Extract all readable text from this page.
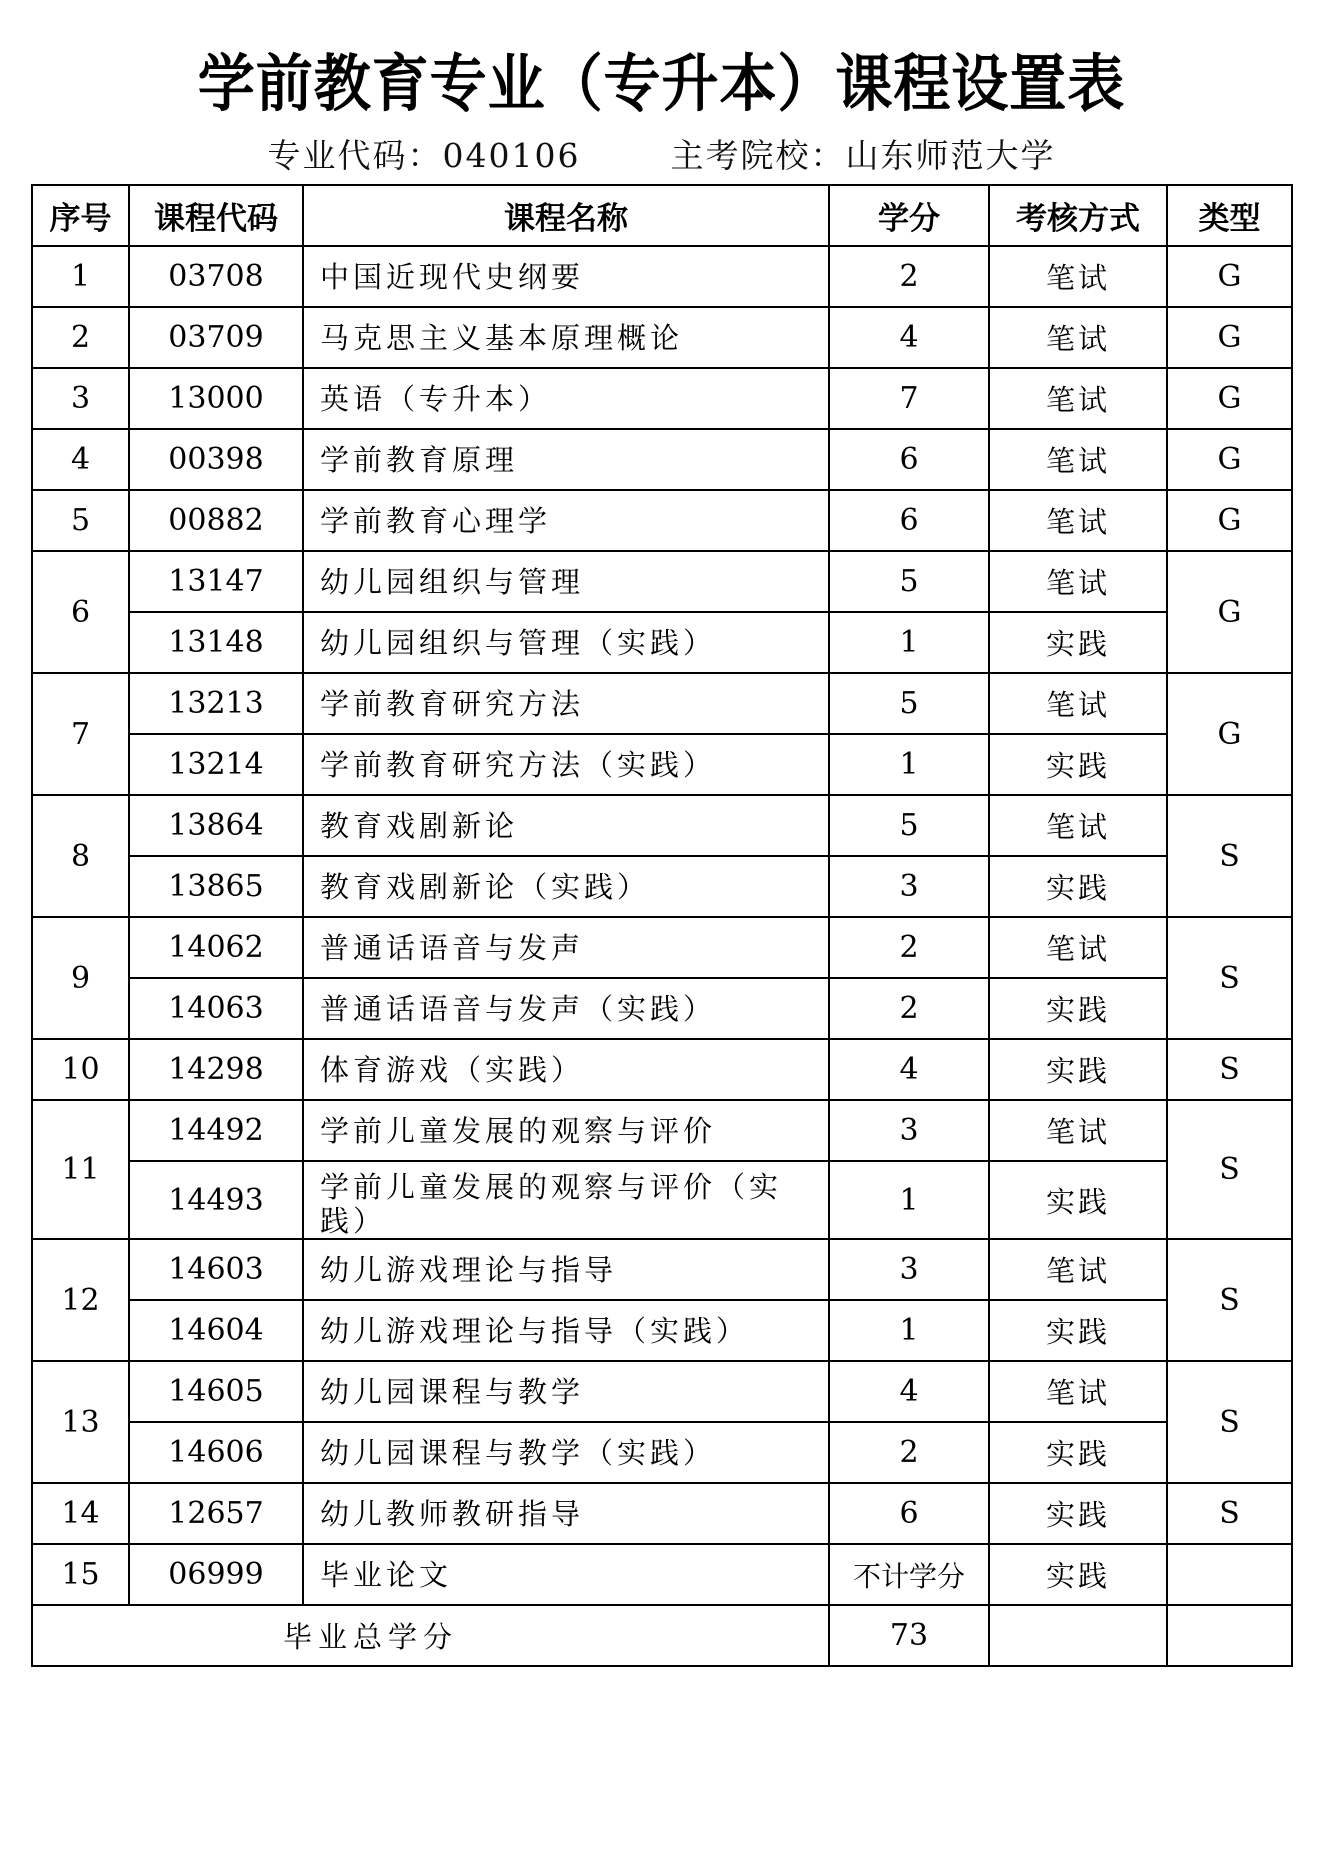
学前教育专业（专升本）课程设置表
专业代码：040106	主考院校：山东师范大学
序号	课程代码	课程名称	学分	考核方式	类型
1	03708	中国近现代史纲要	2	笔试	G
2	03709	马克思主义基本原理概论	4	笔试	G
3	13000	英语（专升本）	7	笔试	G
4	00398	学前教育原理	6	笔试	G
5	00882	学前教育心理学	6	笔试	G
6	13147	幼儿园组织与管理	5	笔试	G
	13148	幼儿园组织与管理（实践）	1	实践	
7	13213	学前教育研究方法	5	笔试	G
	13214	学前教育研究方法（实践）	1	实践	
8	13864	教育戏剧新论	5	笔试	S
	13865	教育戏剧新论（实践）	3	实践	
9	14062	普通话语音与发声	2	笔试	S
	14063	普通话语音与发声（实践）	2	实践	
10	14298	体育游戏（实践）	4	实践	S
11	14492	学前儿童发展的观察与评价	3	笔试	S
	14493	学前儿童发展的观察与评价（实践）	1	实践	
12	14603	幼儿游戏理论与指导	3	笔试	S
	14604	幼儿游戏理论与指导（实践）	1	实践	
13	14605	幼儿园课程与教学	4	笔试	S
	14606	幼儿园课程与教学（实践）	2	实践	
14	12657	幼儿教师教研指导	6	实践	S
15	06999	毕业论文	不计学分	实践	
毕业总学分			73		
